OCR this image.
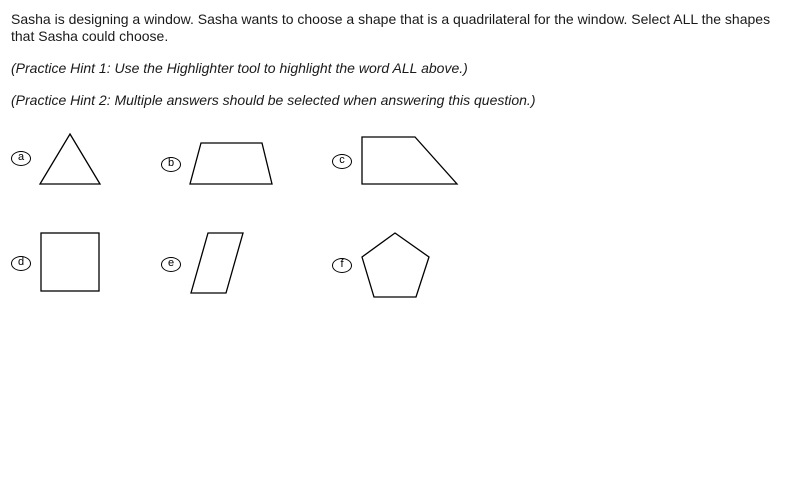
Sasha is designing a window. Sasha wants to choose a shape that is a quadrilateral for the window. Select ALL the shapes that Sasha could choose.

(Practice Hint 1: Use the Highlighter tool to highlight the word ALL above.)

(Practice Hint 2: Multiple answers should be selected when answering this question.)

a	b	c
d	e	f
